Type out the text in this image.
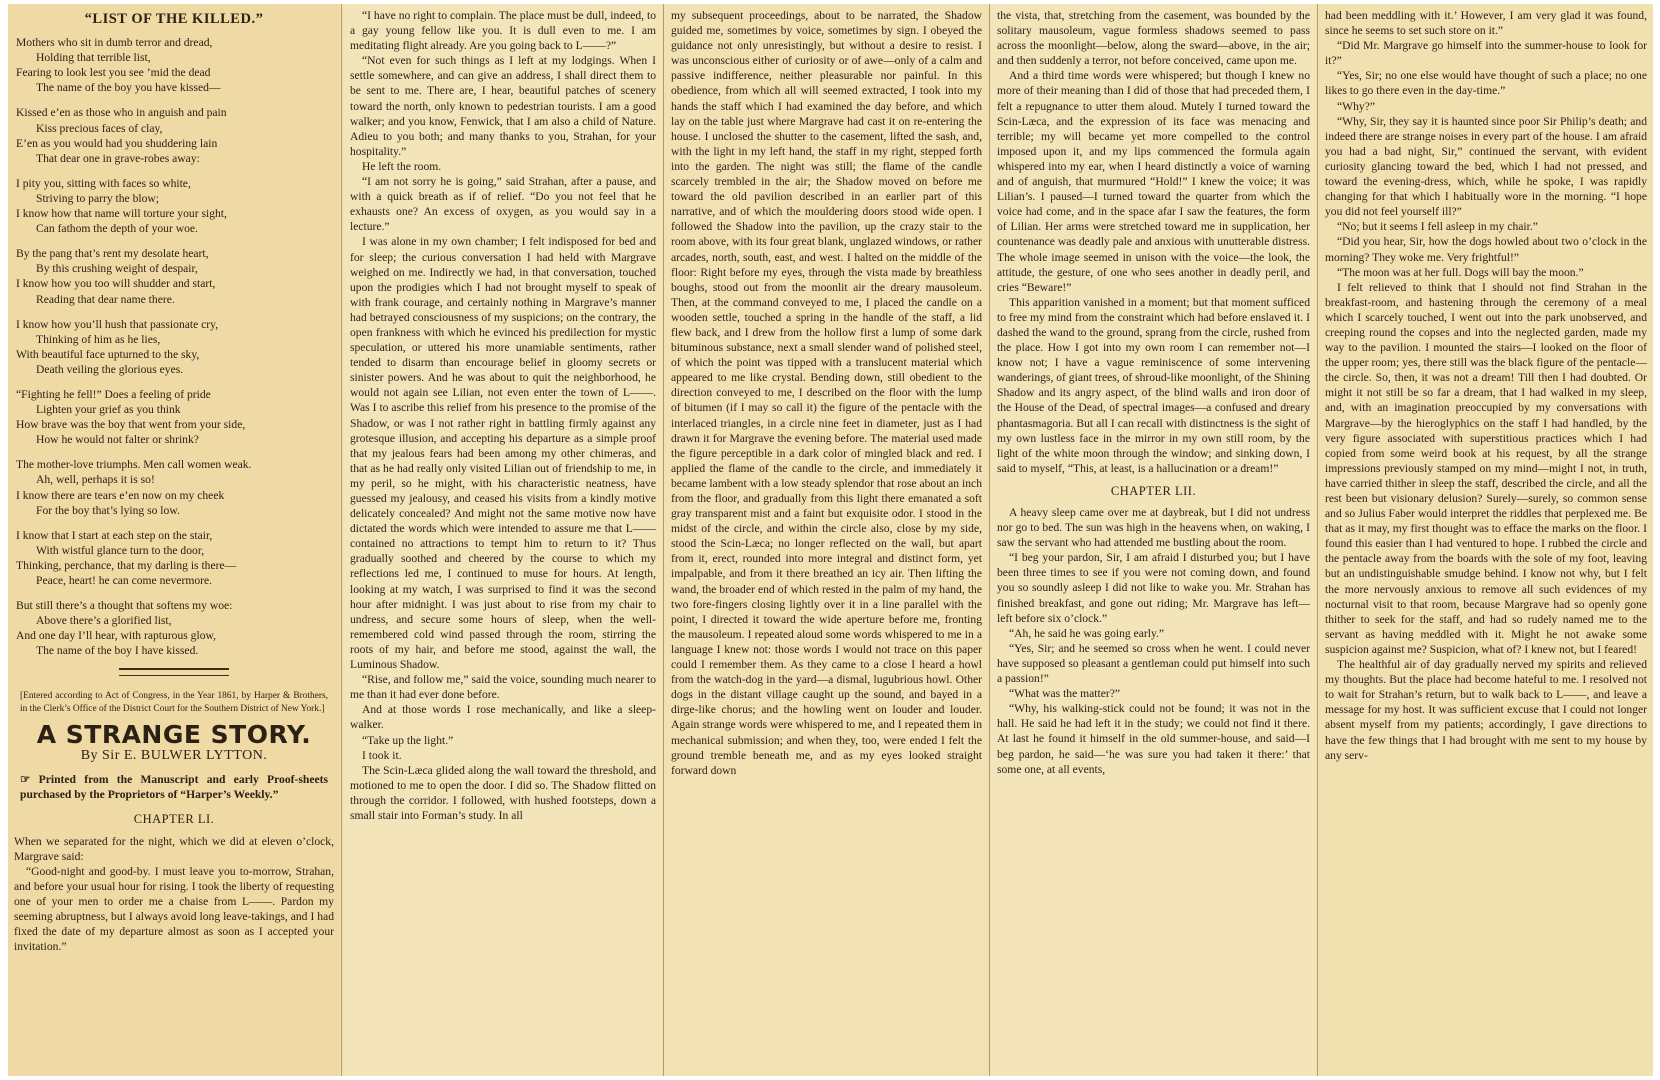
“LIST OF THE KILLED.”
Mothers who sit in dumb terror and dread,
Holding that terrible list,
Fearing to look lest you see ’mid the dead
The name of the boy you have kissed—
Kissed e’en as those who in anguish and pain
Kiss precious faces of clay,
E’en as you would had you shuddering lain
That dear one in grave-robes away:
I pity you, sitting with faces so white,
Striving to parry the blow;
I know how that name will torture your sight,
Can fathom the depth of your woe.
By the pang that’s rent my desolate heart,
By this crushing weight of despair,
I know how you too will shudder and start,
Reading that dear name there.
I know how you’ll hush that passionate cry,
Thinking of him as he lies,
With beautiful face upturned to the sky,
Death veiling the glorious eyes.
“Fighting he fell!” Does a feeling of pride
Lighten your grief as you think
How brave was the boy that went from your side,
How he would not falter or shrink?
The mother-love triumphs. Men call women weak.
Ah, well, perhaps it is so!
I know there are tears e’en now on my cheek
For the boy that’s lying so low.
I know that I start at each step on the stair,
With wistful glance turn to the door,
Thinking, perchance, that my darling is there—
Peace, heart! he can come nevermore.
But still there’s a thought that softens my woe:
Above there’s a glorified list,
And one day I’ll hear, with rapturous glow,
The name of the boy I have kissed.
[Entered according to Act of Congress, in the Year 1861, by Harper & Brothers, in the Clerk’s Office of the District Court for the Southern District of New York.]
A STRANGE STORY.
By Sir E. BULWER LYTTON.
☞ Printed from the Manuscript and early Proof-sheets purchased by the Proprietors of “Harper’s Weekly.”
CHAPTER LI.

When we separated for the night, which we did at eleven o’clock, Margrave said:

“Good-night and good-by. I must leave you to-morrow, Strahan, and before your usual hour for rising. I took the liberty of requesting one of your men to order me a chaise from L——. Pardon my seeming abruptness, but I always avoid long leave-takings, and I had fixed the date of my departure almost as soon as I accepted your invitation.”

“I have no right to complain. The place must be dull, indeed, to a gay young fellow like you. It is dull even to me. I am meditating flight already. Are you going back to L——?”

“Not even for such things as I left at my lodgings. When I settle somewhere, and can give an address, I shall direct them to be sent to me. There are, I hear, beautiful patches of scenery toward the north, only known to pedestrian tourists. I am a good walker; and you know, Fenwick, that I am also a child of Nature. Adieu to you both; and many thanks to you, Strahan, for your hospitality.”

He left the room.

“I am not sorry he is going,” said Strahan, after a pause, and with a quick breath as if of relief. “Do you not feel that he exhausts one? An excess of oxygen, as you would say in a lecture.”

I was alone in my own chamber; I felt indisposed for bed and for sleep; the curious conversation I had held with Margrave weighed on me. Indirectly we had, in that conversation, touched upon the prodigies which I had not brought myself to speak of with frank courage, and certainly nothing in Margrave’s manner had betrayed consciousness of my suspicions; on the contrary, the open frankness with which he evinced his predilection for mystic speculation, or uttered his more unamiable sentiments, rather tended to disarm than encourage belief in gloomy secrets or sinister powers. And he was about to quit the neighborhood, he would not again see Lilian, not even enter the town of L——. Was I to ascribe this relief from his presence to the promise of the Shadow, or was I not rather right in battling firmly against any grotesque illusion, and accepting his departure as a simple proof that my jealous fears had been among my other chimeras, and that as he had really only visited Lilian out of friendship to me, in my peril, so he might, with his characteristic neatness, have guessed my jealousy, and ceased his visits from a kindly motive delicately concealed? And might not the same motive now have dictated the words which were intended to assure me that L—— contained no attractions to tempt him to return to it? Thus gradually soothed and cheered by the course to which my reflections led me, I continued to muse for hours. At length, looking at my watch, I was surprised to find it was the second hour after midnight. I was just about to rise from my chair to undress, and secure some hours of sleep, when the well-remembered cold wind passed through the room, stirring the roots of my hair, and before me stood, against the wall, the Luminous Shadow.

“Rise, and follow me,” said the voice, sounding much nearer to me than it had ever done before.

And at those words I rose mechanically, and like a sleep-walker.

“Take up the light.”

I took it.

The Scin-Læca glided along the wall toward the threshold, and motioned to me to open the door. I did so. The Shadow flitted on through the corridor. I followed, with hushed footsteps, down a small stair into Forman’s study. In all

my subsequent proceedings, about to be narrated, the Shadow guided me, sometimes by voice, sometimes by sign. I obeyed the guidance not only unresistingly, but without a desire to resist. I was unconscious either of curiosity or of awe—only of a calm and passive indifference, neither pleasurable nor painful. In this obedience, from which all will seemed extracted, I took into my hands the staff which I had examined the day before, and which lay on the table just where Margrave had cast it on re-entering the house. I unclosed the shutter to the casement, lifted the sash, and, with the light in my left hand, the staff in my right, stepped forth into the garden. The night was still; the flame of the candle scarcely trembled in the air; the Shadow moved on before me toward the old pavilion described in an earlier part of this narrative, and of which the mouldering doors stood wide open. I followed the Shadow into the pavilion, up the crazy stair to the room above, with its four great blank, unglazed windows, or rather arcades, north, south, east, and west. I halted on the middle of the floor: Right before my eyes, through the vista made by breathless boughs, stood out from the moonlit air the dreary mausoleum. Then, at the command conveyed to me, I placed the candle on a wooden settle, touched a spring in the handle of the staff, a lid flew back, and I drew from the hollow first a lump of some dark bituminous substance, next a small slender wand of polished steel, of which the point was tipped with a translucent material which appeared to me like crystal. Bending down, still obedient to the direction conveyed to me, I described on the floor with the lump of bitumen (if I may so call it) the figure of the pentacle with the interlaced triangles, in a circle nine feet in diameter, just as I had drawn it for Margrave the evening before. The material used made the figure perceptible in a dark color of mingled black and red. I applied the flame of the candle to the circle, and immediately it became lambent with a low steady splendor that rose about an inch from the floor, and gradually from this light there emanated a soft gray transparent mist and a faint but exquisite odor. I stood in the midst of the circle, and within the circle also, close by my side, stood the Scin-Læca; no longer reflected on the wall, but apart from it, erect, rounded into more integral and distinct form, yet impalpable, and from it there breathed an icy air. Then lifting the wand, the broader end of which rested in the palm of my hand, the two fore-fingers closing lightly over it in a line parallel with the point, I directed it toward the wide aperture before me, fronting the mausoleum. I repeated aloud some words whispered to me in a language I knew not: those words I would not trace on this paper could I remember them. As they came to a close I heard a howl from the watch-dog in the yard—a dismal, lugubrious howl. Other dogs in the distant village caught up the sound, and bayed in a dirge-like chorus; and the howling went on louder and louder. Again strange words were whispered to me, and I repeated them in mechanical submission; and when they, too, were ended I felt the ground tremble beneath me, and as my eyes looked straight forward down

the vista, that, stretching from the casement, was bounded by the solitary mausoleum, vague formless shadows seemed to pass across the moonlight—below, along the sward—above, in the air; and then suddenly a terror, not before conceived, came upon me.

And a third time words were whispered; but though I knew no more of their meaning than I did of those that had preceded them, I felt a repugnance to utter them aloud. Mutely I turned toward the Scin-Læca, and the expression of its face was menacing and terrible; my will became yet more compelled to the control imposed upon it, and my lips commenced the formula again whispered into my ear, when I heard distinctly a voice of warning and of anguish, that murmured “Hold!” I knew the voice; it was Lilian’s. I paused—I turned toward the quarter from which the voice had come, and in the space afar I saw the features, the form of Lilian. Her arms were stretched toward me in supplication, her countenance was deadly pale and anxious with unutterable distress. The whole image seemed in unison with the voice—the look, the attitude, the gesture, of one who sees another in deadly peril, and cries “Beware!”

This apparition vanished in a moment; but that moment sufficed to free my mind from the constraint which had before enslaved it. I dashed the wand to the ground, sprang from the circle, rushed from the place. How I got into my own room I can remember not—I know not; I have a vague reminiscence of some intervening wanderings, of giant trees, of shroud-like moonlight, of the Shining Shadow and its angry aspect, of the blind walls and iron door of the House of the Dead, of spectral images—a confused and dreary phantasmagoria. But all I can recall with distinctness is the sight of my own lustless face in the mirror in my own still room, by the light of the white moon through the window; and sinking down, I said to myself, “This, at least, is a hallucination or a dream!”

CHAPTER LII.

A heavy sleep came over me at daybreak, but I did not undress nor go to bed. The sun was high in the heavens when, on waking, I saw the servant who had attended me bustling about the room.

“I beg your pardon, Sir, I am afraid I disturbed you; but I have been three times to see if you were not coming down, and found you so soundly asleep I did not like to wake you. Mr. Strahan has finished breakfast, and gone out riding; Mr. Margrave has left—left before six o’clock.”

“Ah, he said he was going early.”

“Yes, Sir; and he seemed so cross when he went. I could never have supposed so pleasant a gentleman could put himself into such a passion!”

“What was the matter?”

“Why, his walking-stick could not be found; it was not in the hall. He said he had left it in the study; we could not find it there. At last he found it himself in the old summer-house, and said—I beg pardon, he said—‘he was sure you had taken it there:’ that some one, at all events,

had been meddling with it.’ However, I am very glad it was found, since he seems to set such store on it.”

“Did Mr. Margrave go himself into the summer-house to look for it?”

“Yes, Sir; no one else would have thought of such a place; no one likes to go there even in the day-time.”

“Why?”

“Why, Sir, they say it is haunted since poor Sir Philip’s death; and indeed there are strange noises in every part of the house. I am afraid you had a bad night, Sir,” continued the servant, with evident curiosity glancing toward the bed, which I had not pressed, and toward the evening-dress, which, while he spoke, I was rapidly changing for that which I habitually wore in the morning. “I hope you did not feel yourself ill?”

“No; but it seems I fell asleep in my chair.”

“Did you hear, Sir, how the dogs howled about two o’clock in the morning? They woke me. Very frightful!”

“The moon was at her full. Dogs will bay the moon.”

I felt relieved to think that I should not find Strahan in the breakfast-room, and hastening through the ceremony of a meal which I scarcely touched, I went out into the park unobserved, and creeping round the copses and into the neglected garden, made my way to the pavilion. I mounted the stairs—I looked on the floor of the upper room; yes, there still was the black figure of the pentacle—the circle. So, then, it was not a dream! Till then I had doubted. Or might it not still be so far a dream, that I had walked in my sleep, and, with an imagination preoccupied by my conversations with Margrave—by the hieroglyphics on the staff I had handled, by the very figure associated with superstitious practices which I had copied from some weird book at his request, by all the strange impressions previously stamped on my mind—might I not, in truth, have carried thither in sleep the staff, described the circle, and all the rest been but visionary delusion? Surely—surely, so common sense and so Julius Faber would interpret the riddles that perplexed me. Be that as it may, my first thought was to efface the marks on the floor. I found this easier than I had ventured to hope. I rubbed the circle and the pentacle away from the boards with the sole of my foot, leaving but an undistinguishable smudge behind. I know not why, but I felt the more nervously anxious to remove all such evidences of my nocturnal visit to that room, because Margrave had so openly gone thither to seek for the staff, and had so rudely named me to the servant as having meddled with it. Might he not awake some suspicion against me? Suspicion, what of? I knew not, but I feared!

The healthful air of day gradually nerved my spirits and relieved my thoughts. But the place had become hateful to me. I resolved not to wait for Strahan’s return, but to walk back to L——, and leave a message for my host. It was sufficient excuse that I could not longer absent myself from my patients; accordingly, I gave directions to have the few things that I had brought with me sent to my house by any serv-
